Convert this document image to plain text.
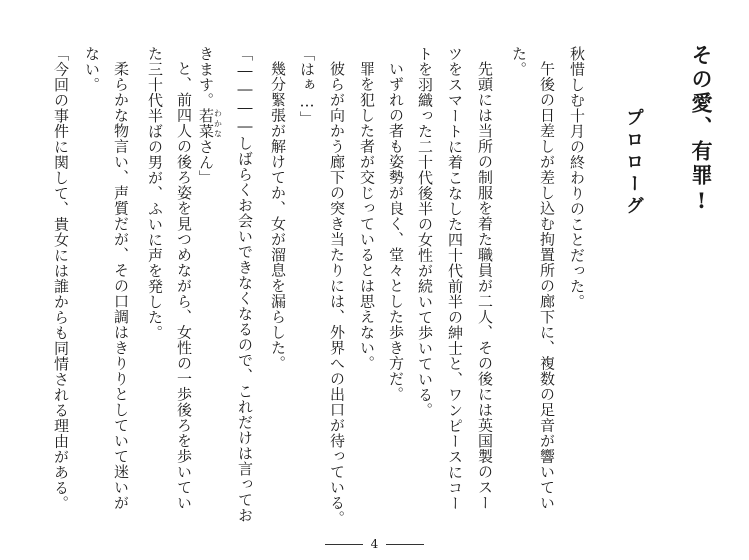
その愛、有罪!
プロローグ
秋惜しむ十月の終わりのことだった。
午後の日差しが差し込む拘置所の廊下に、複数の足音が響いてい
た。
先頭には当所の制服を着た職員が二人、その後には英国製のスー
ツをスマートに着こなした四十代前半の紳士と、ワンピースにコー
トを羽織った二十代後半の女性が続いて歩いている。
いずれの者も姿勢が良く、堂々とした歩き方だ。
罪を犯した者が交じっているとは思えない。
彼らが向かう廊下の突き当たりには、外界への出口が待っている。
「はぁ…」
幾分緊張が解けてか、女が溜息を漏らした。
「――――しばらくお会いできなくなるので、これだけは言ってお
きます。若菜わかなさん」
と、前四人の後ろ姿を見つめながら、女性の一歩後ろを歩いてい
た三十代半ばの男が、ふいに声を発した。
柔らかな物言い、声質だが、その口調はきりりとしていて迷いが
ない。
「今回の事件に関して、貴女には誰からも同情される理由がある。
4
